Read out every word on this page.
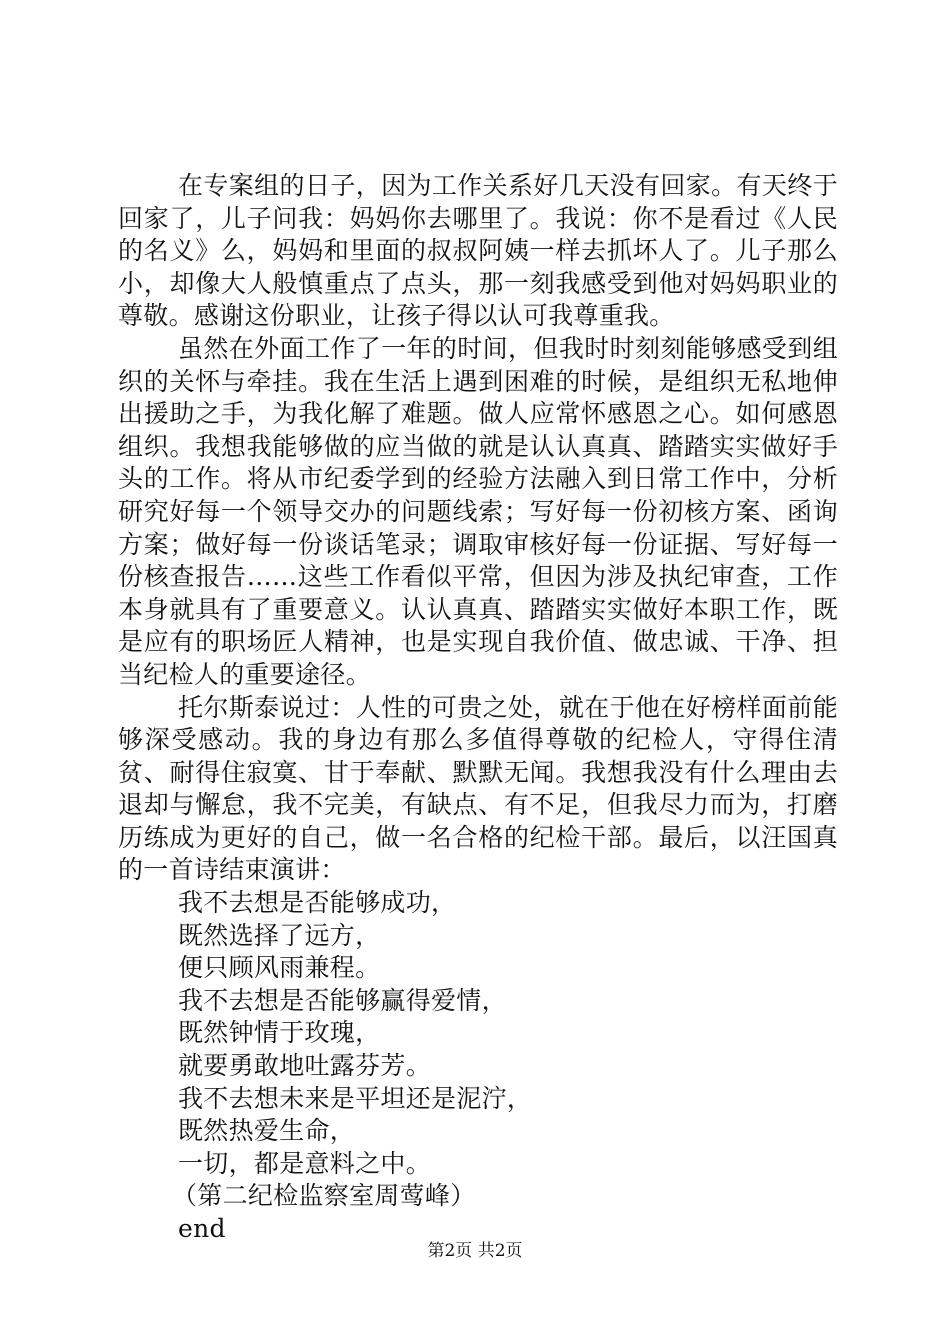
在专案组的日子，因为工作关系好几天没有回家。有天终于回家了，儿子问我：妈妈你去哪里了。我说：你不是看过《人民的名义》么，妈妈和里面的叔叔阿姨一样去抓坏人了。儿子那么小，却像大人般慎重点了点头，那一刻我感受到他对妈妈职业的尊敬。感谢这份职业，让孩子得以认可我尊重我。

虽然在外面工作了一年的时间，但我时时刻刻能够感受到组织的关怀与牵挂。我在生活上遇到困难的时候，是组织无私地伸出援助之手，为我化解了难题。做人应常怀感恩之心。如何感恩组织。我想我能够做的应当做的就是认认真真、踏踏实实做好手头的工作。将从市纪委学到的经验方法融入到日常工作中，分析研究好每一个领导交办的问题线索；写好每一份初核方案、函询方案；做好每一份谈话笔录；调取审核好每一份证据、写好每一份核查报告……这些工作看似平常，但因为涉及执纪审查，工作本身就具有了重要意义。认认真真、踏踏实实做好本职工作，既是应有的职场匠人精神，也是实现自我价值、做忠诚、干净、担当纪检人的重要途径。

托尔斯泰说过：人性的可贵之处，就在于他在好榜样面前能够深受感动。我的身边有那么多值得尊敬的纪检人，守得住清贫、耐得住寂寞、甘于奉献、默默无闻。我想我没有什么理由去退却与懈怠，我不完美，有缺点、有不足，但我尽力而为，打磨历练成为更好的自己，做一名合格的纪检干部。最后，以汪国真的一首诗结束演讲：

我不去想是否能够成功，
既然选择了远方，
便只顾风雨兼程。
我不去想是否能够赢得爱情，
既然钟情于玫瑰，
就要勇敢地吐露芬芳。
我不去想未来是平坦还是泥泞，
既然热爱生命，
一切，都是意料之中。

（第二纪检监察室周莺峰）

end

第2页 共2页
